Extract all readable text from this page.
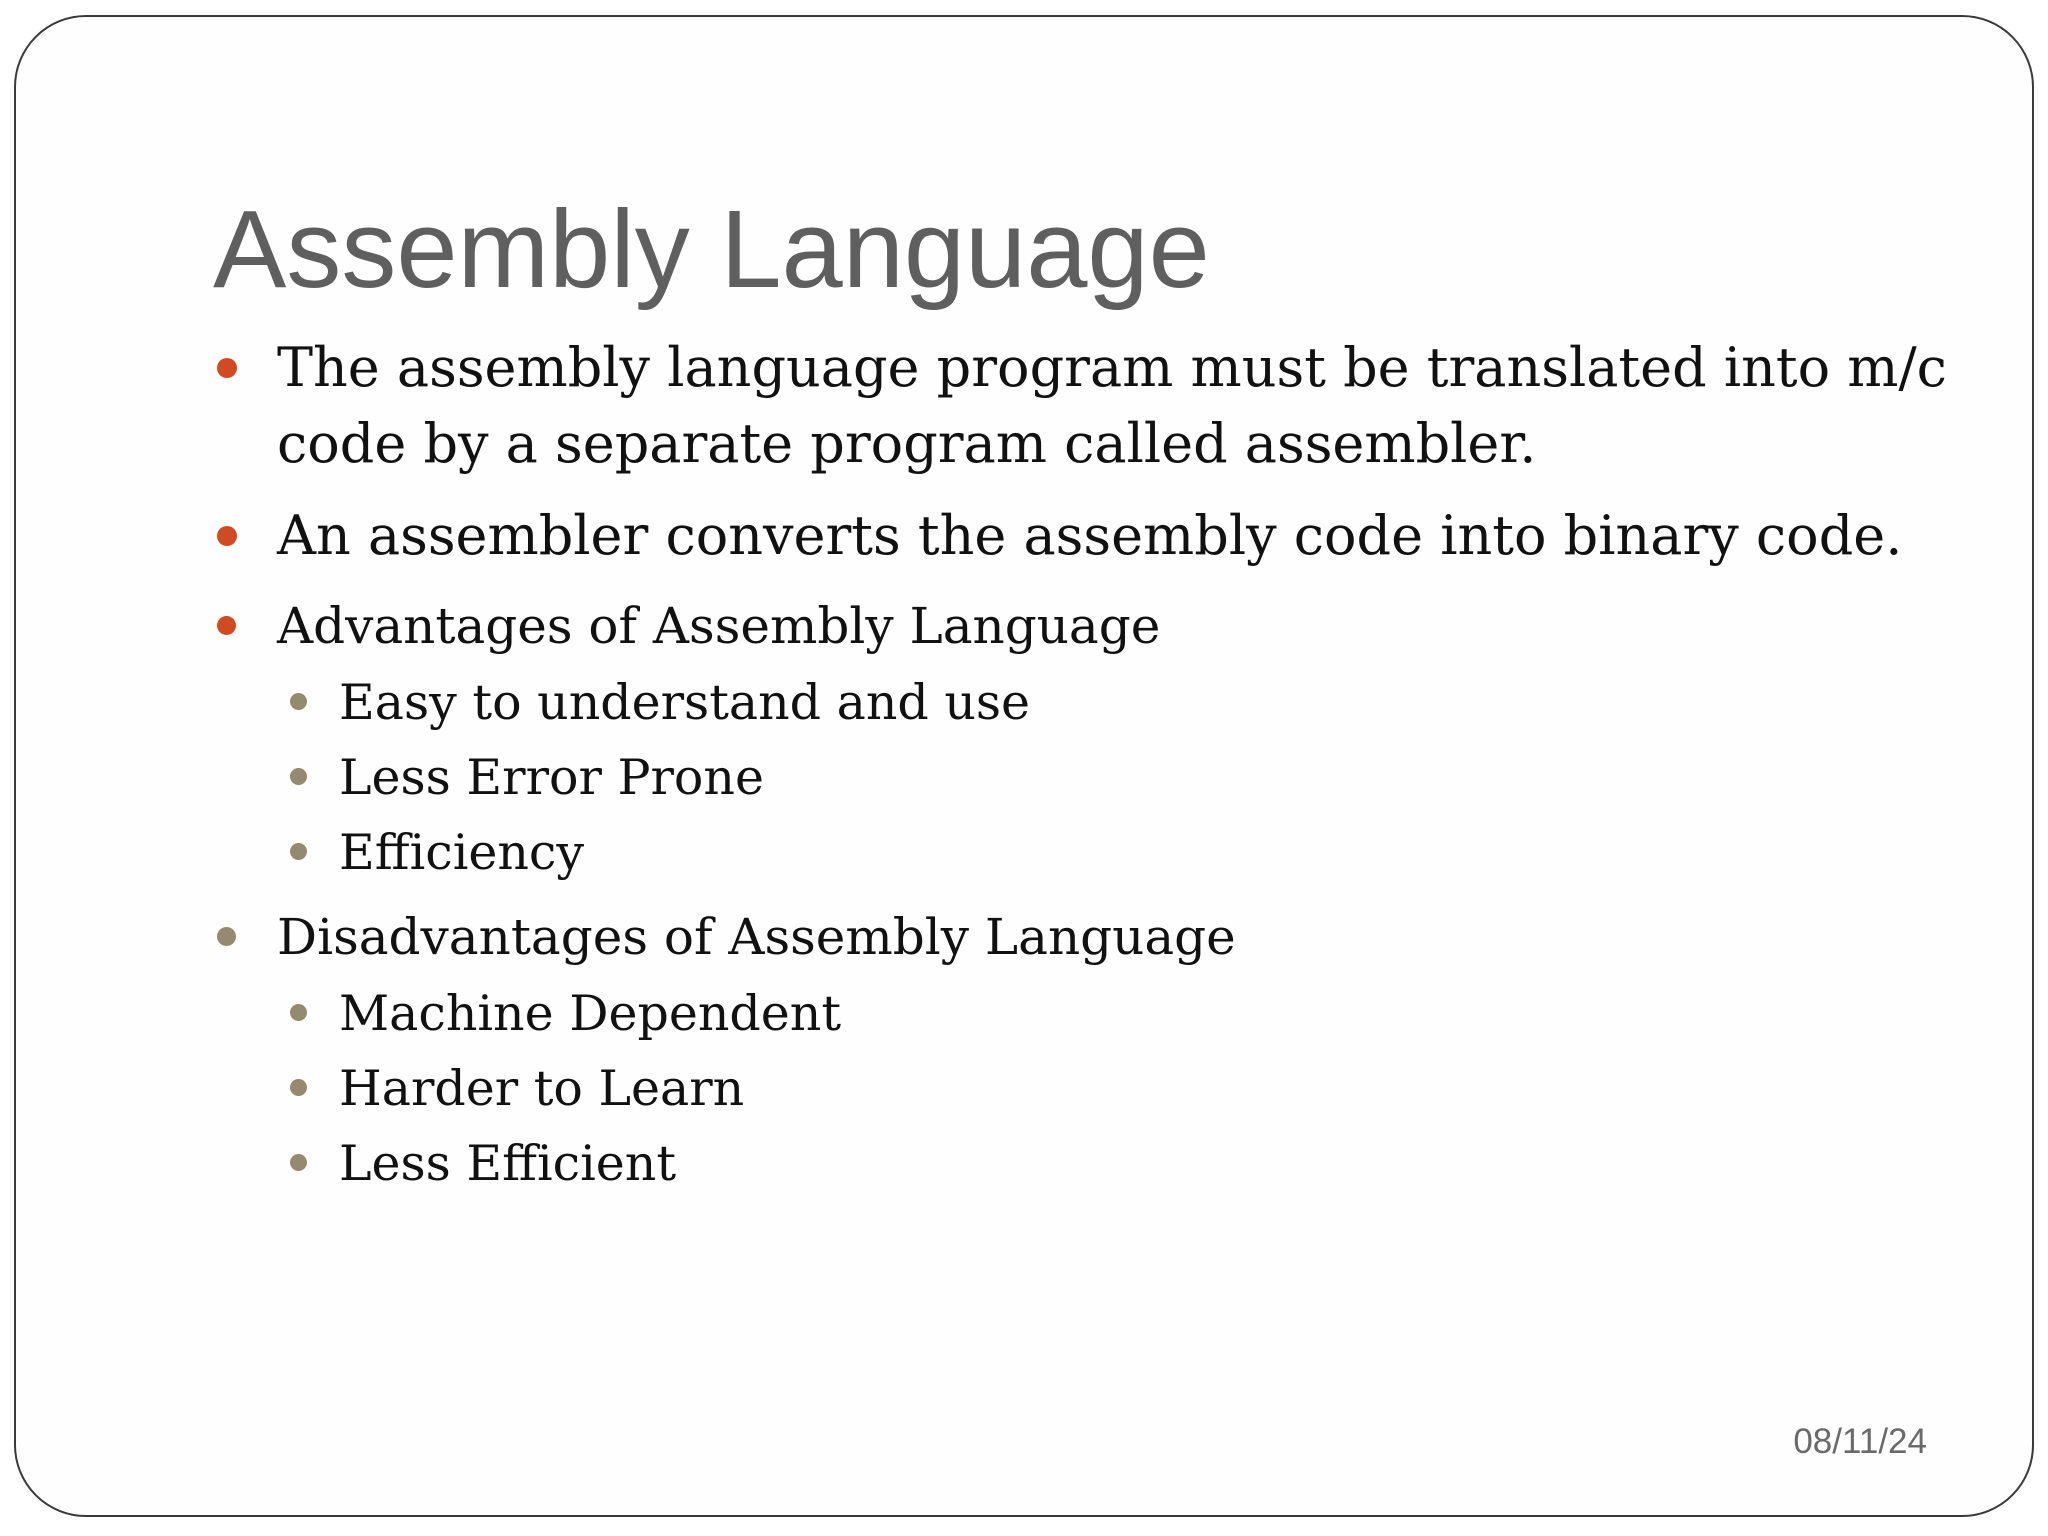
Assembly Language
The assembly language program must be translated into m/c
code by a separate program called assembler.
An assembler converts the assembly code into binary code.
Advantages of Assembly Language
Easy to understand and use
Less Error Prone
Efficiency
Disadvantages of Assembly Language
Machine Dependent
Harder to Learn
Less Efficient
08/11/24
